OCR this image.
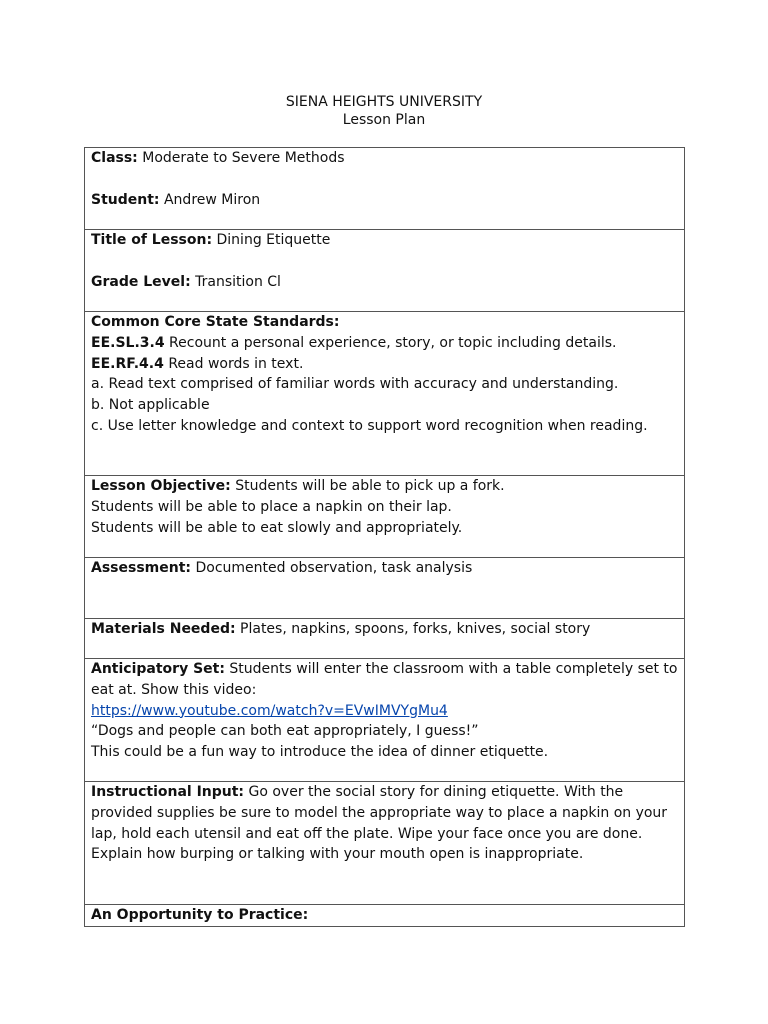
SIENA HEIGHTS UNIVERSITY
Lesson Plan
Class: Moderate to Severe Methods
Student: Andrew Miron

Title of Lesson: Dining Etiquette
Grade Level: Transition Cl

Common Core State Standards:
EE.SL.3.4 Recount a personal experience, story, or topic including details.
EE.RF.4.4 Read words in text.
a. Read text comprised of familiar words with accuracy and understanding.
b. Not applicable
c. Use letter knowledge and context to support word recognition when reading.

Lesson Objective: Students will be able to pick up a fork.
Students will be able to place a napkin on their lap.
Students will be able to eat slowly and appropriately.

Assessment: Documented observation, task analysis

Materials Needed: Plates, napkins, spoons, forks, knives, social story

Anticipatory Set: Students will enter the classroom with a table completely set to eat at. Show this video:
https://www.youtube.com/watch?v=EVwIMVYgMu4
“Dogs and people can both eat appropriately, I guess!”
This could be a fun way to introduce the idea of dinner etiquette.

Instructional Input: Go over the social story for dining etiquette. With the provided supplies be sure to model the appropriate way to place a napkin on your lap, hold each utensil and eat off the plate. Wipe your face once you are done.
Explain how burping or talking with your mouth open is inappropriate.

An Opportunity to Practice:
